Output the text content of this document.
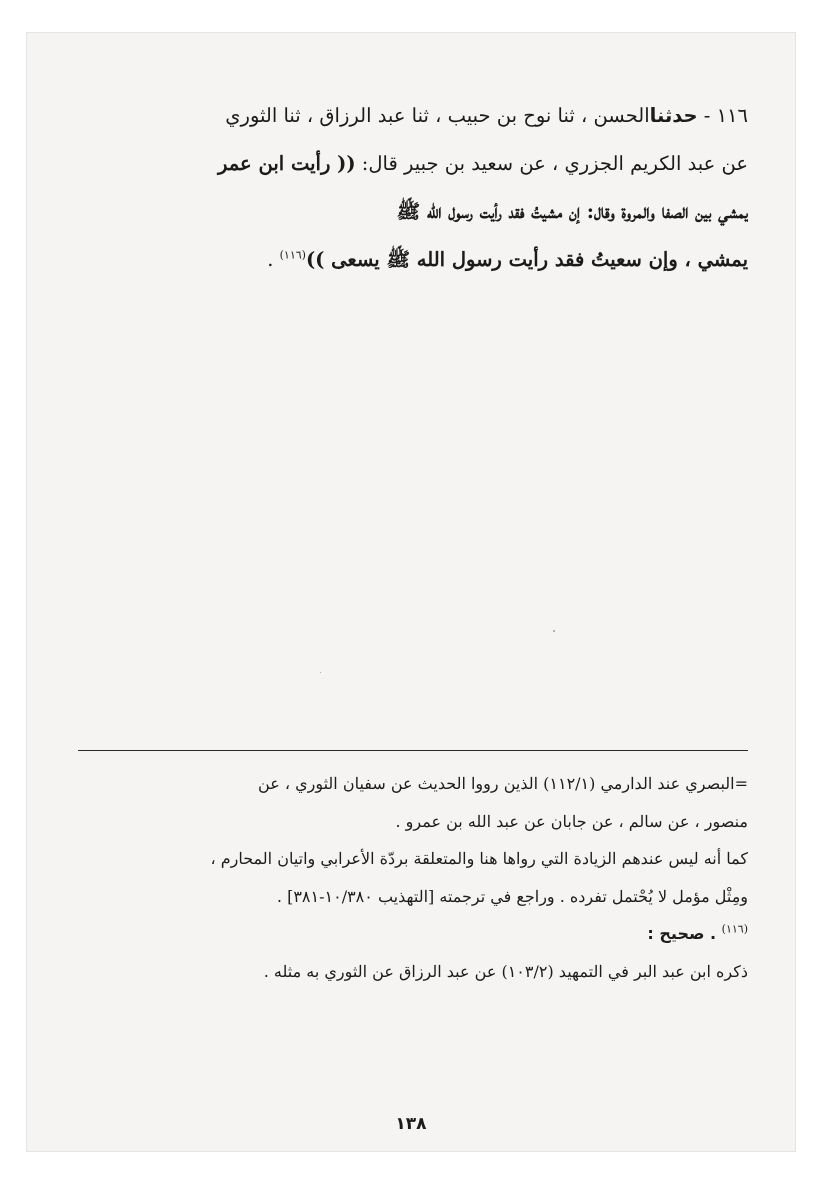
١١٦ - حدثناالحسن ، ثنا نوح بن حبيب ، ثنا عبد الرزاق ، ثنا الثوري
عن عبد الكريم الجزري ، عن سعيد بن جبير قال: (( رأيت ابن عمر
يمشي بين الصفا والمروة وقال: إن مشيتُ فقد رأيت رسول الله ﷺ
يمشي ، وإن سعيتُ فقد رأيت رسول الله ﷺ يسعى ))$^{(١١٦)}$ .
=البصري عند الدارمي (١١٢/١) الذين رووا الحديث عن سفيان الثوري ، عن
منصور ، عن سالم ، عن جابان عن عبد الله بن عمرو .
كما أنه ليس عندهم الزيادة التي رواها هنا والمتعلقة بردّة الأعرابي واتيان المحارم ،
ومِثْل مؤمل لا يُحْتمل تفرده . وراجع في ترجمته [التهذيب ١٠/٣٨٠-٣٨١] .
$^{(١١٦)}$ . صحيح :
ذكره ابن عبد البر في التمهيد (١٠٣/٢) عن عبد الرزاق عن الثوري به مثله .
١٣٨
